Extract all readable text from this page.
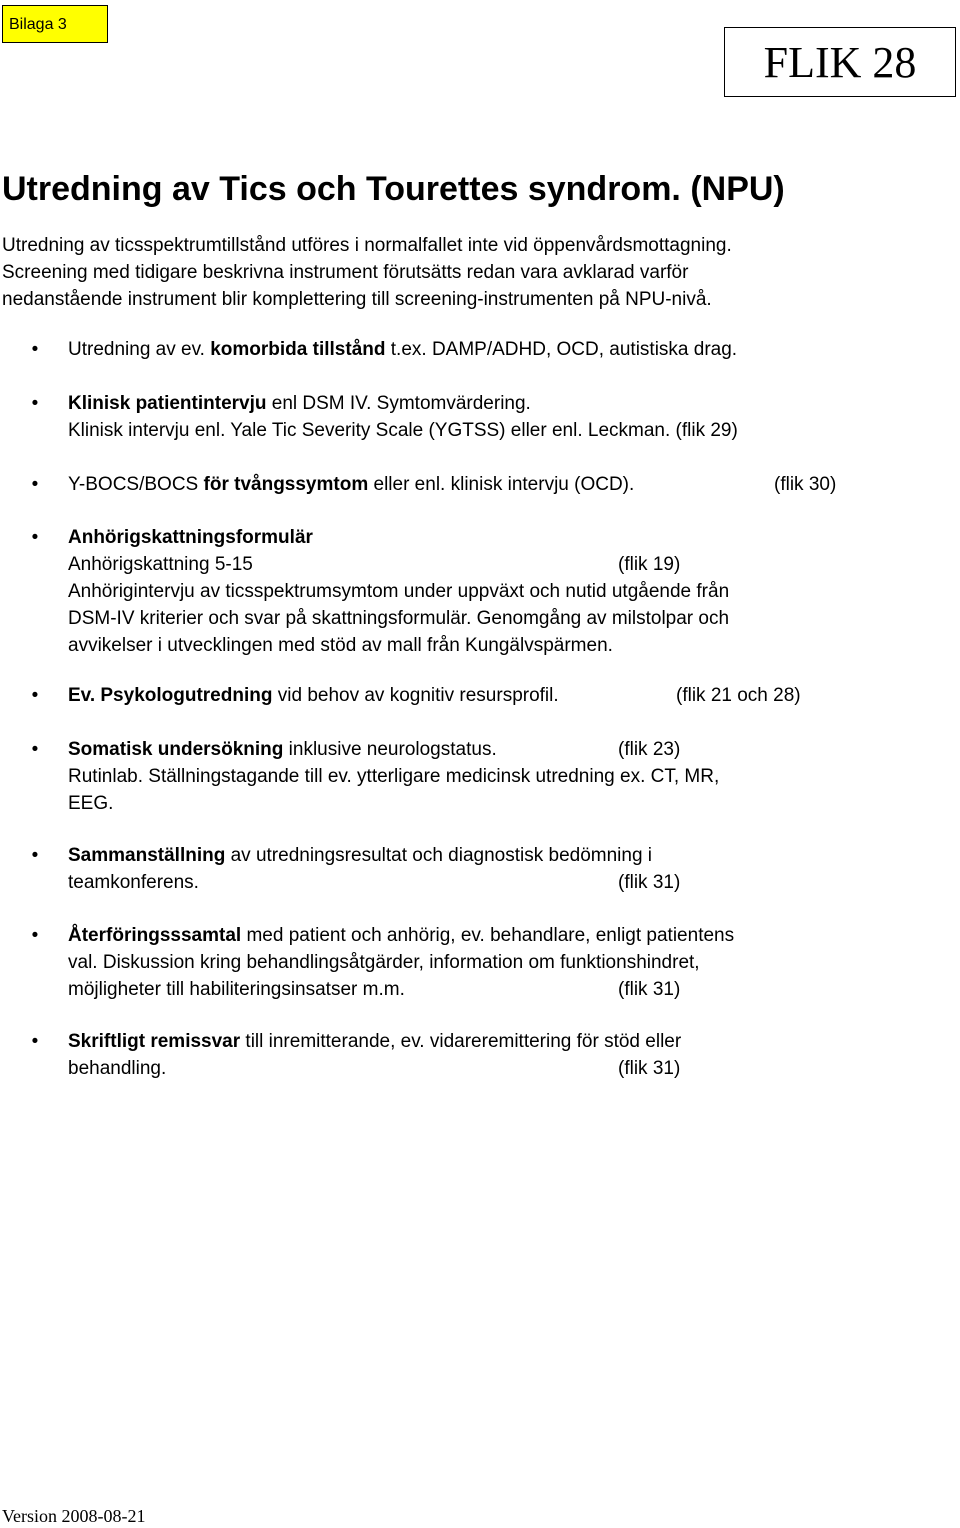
Bilaga 3
FLIK 28
Utredning av Tics och Tourettes syndrom. (NPU)
Utredning av ticsspektrumtillstånd utföres i normalfallet inte vid öppenvårdsmottagning.
Screening med tidigare beskrivna instrument förutsätts redan vara avklarad varför
nedanstående instrument blir komplettering till screening-instrumenten på NPU-nivå.
• Utredning av ev. komorbida tillstånd t.ex. DAMP/ADHD, OCD, autistiska drag.
• Klinisk patientintervju enl DSM IV. Symtomvärdering.
Klinisk intervju enl. Yale Tic Severity Scale (YGTSS) eller enl. Leckman. (flik 29)
• Y-BOCS/BOCS för tvångssymtom eller enl. klinisk intervju (OCD).	(flik 30)
• Anhörigskattningsformulär
Anhörigskattning 5-15	(flik 19)
Anhörigintervju av ticsspektrumsymtom under uppväxt och nutid utgående från
DSM-IV kriterier och svar på skattningsformulär. Genomgång av milstolpar och
avvikelser i utvecklingen med stöd av mall från Kungälvspärmen.
• Ev. Psykologutredning vid behov av kognitiv resursprofil.	(flik 21 och 28)
• Somatisk undersökning inklusive neurologstatus.	(flik 23)
Rutinlab. Ställningstagande till ev. ytterligare medicinsk utredning ex. CT, MR,
EEG.
• Sammanställning av utredningsresultat och diagnostisk bedömning i
teamkonferens.	(flik 31)
• Återföringsssamtal med patient och anhörig, ev. behandlare, enligt patientens
val. Diskussion kring behandlingsåtgärder, information om funktionshindret,
möjligheter till habiliteringsinsatser m.m.	(flik 31)
• Skriftligt remissvar till inremitterande, ev. vidareremittering för stöd eller
behandling.	(flik 31)
Version 2008-08-21
